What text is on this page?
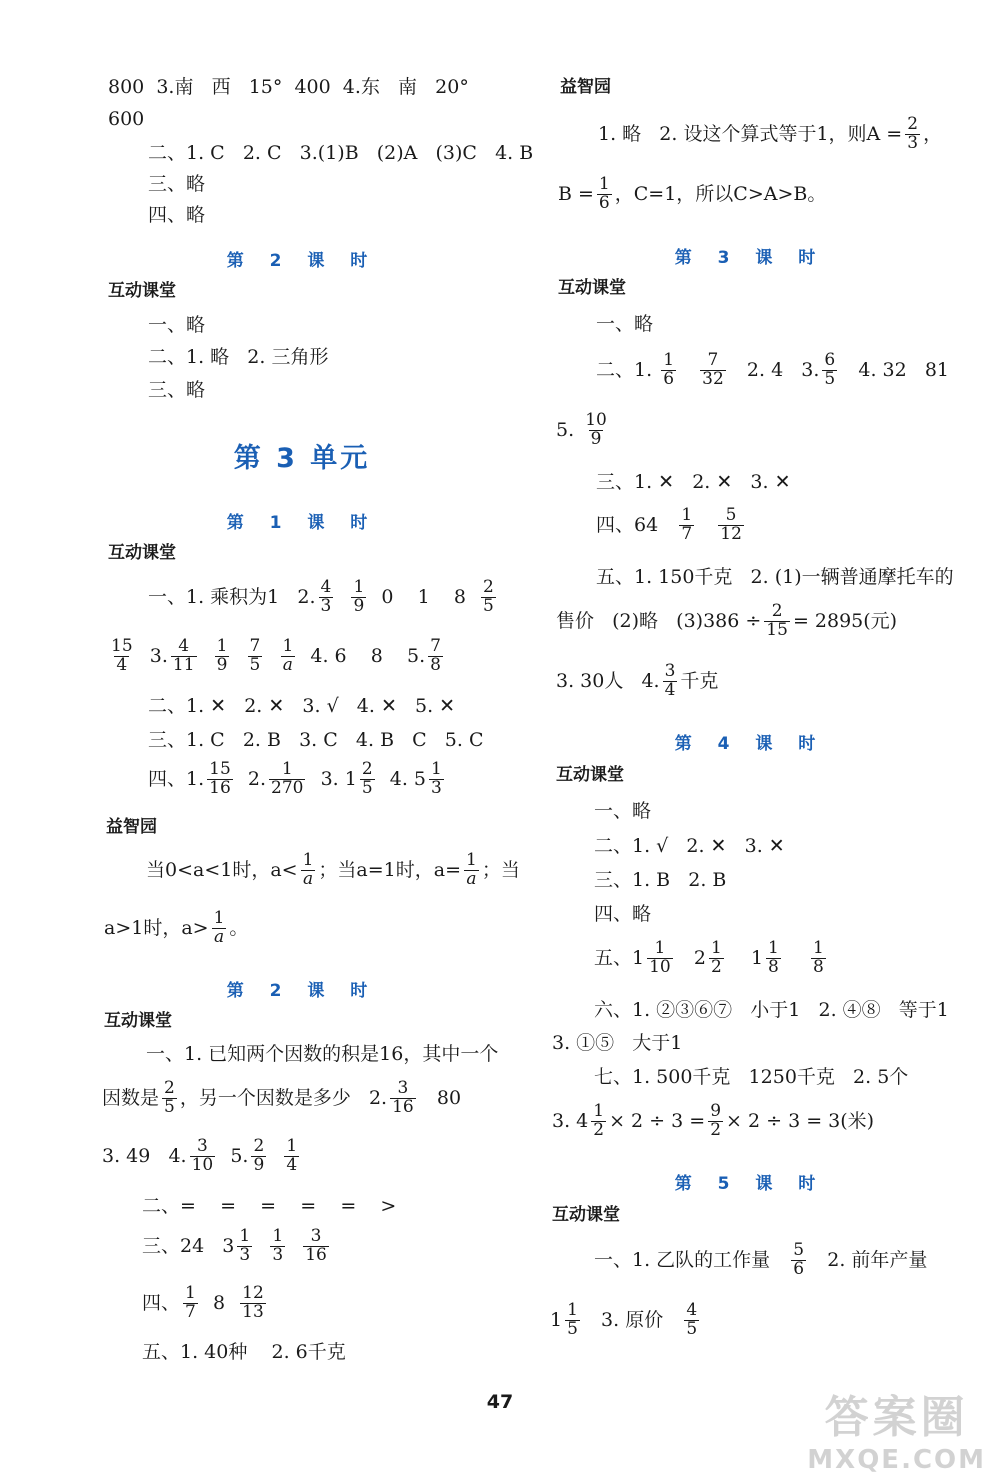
800  3.南   西   15°  400  4.东   南   20°
600
二、1. C   2. C   3.(1)B   (2)A   (3)C   4. B
三、略
四、略
第 2 课 时
互动课堂
一、略
二、1. 略   2. 三角形
三、略
第 3 单元
第 1 课 时
互动课堂
一、1. 乘积为1   2. 4
3

1
9
0    1    8
2
5
15
4
3. 4
11

1
9

7
5

1
a
4. 6    8    5. 7
8
二、1. ✕   2. ✕   3. √   4. ✕   5. ✕
三、1. C   2. B   3. C   4. B   C   5. C
四、1. 15
16
2. 1
270
3. 1 2
5
4. 5 1
3
益智园
当0<a<1时，a< 1
a ；当a=1时，$a= \frac{1}{a}$ ；当
a>1时，a> 1
a 。
第 2 课 时
互动课堂
一、1. 已知两个因数的积是16，其中一个
因数是 2
5 ，另一个因数是多少   2. 3
16
80
3. 49   4. 3
10
5. 2
9

1
4
二、=    =    =    =    =    >
三、24   3 1
3

1
3

3
16
四、 1
7
8
12
13
五、1. 40种    2. 6千克
益智园
1. 略   2. 设这个算式等于1，则$A = \frac{2}{3}$ ，
$B = \frac{1}{6}$ ，C=1，所以C>A>B。
第 3 课 时
互动课堂
一、略
二、1.
1
6

7
32
2. 4   3. 6
5
4. 32   81
5.
10
9
三、1. ✕   2. ✕   3. ✕
四、64
1
7

5
12
五、1. 150千克   2. (1)一辆普通摩托车的
售价   (2)略   $(3)386 \div \frac{2}{15} = 2895$(元)
3. 30人   4. 3
4 千克
第 4 课 时
互动课堂
一、略
二、1. √   2. ✕   3. ✕
三、1. B   2. B
四、略
五、1 1
10
2 1
2
1 1
8

1
8
六、1. ②③⑥⑦   小于1   2. ④⑧   等于1
3. ①⑤   大于1
七、1. 500千克   1250千克   2. 5个
3. $4 \frac{1}{2} \times 2 \div 3 = \frac{9}{2} \times 2 \div 3 = 3$(米)
第 5 课 时
互动课堂
一、1. 乙队的工作量
5
6
2. 前年产量
1 1
5
3. 原价
4
5
47	答案圈
MXQE.COM
